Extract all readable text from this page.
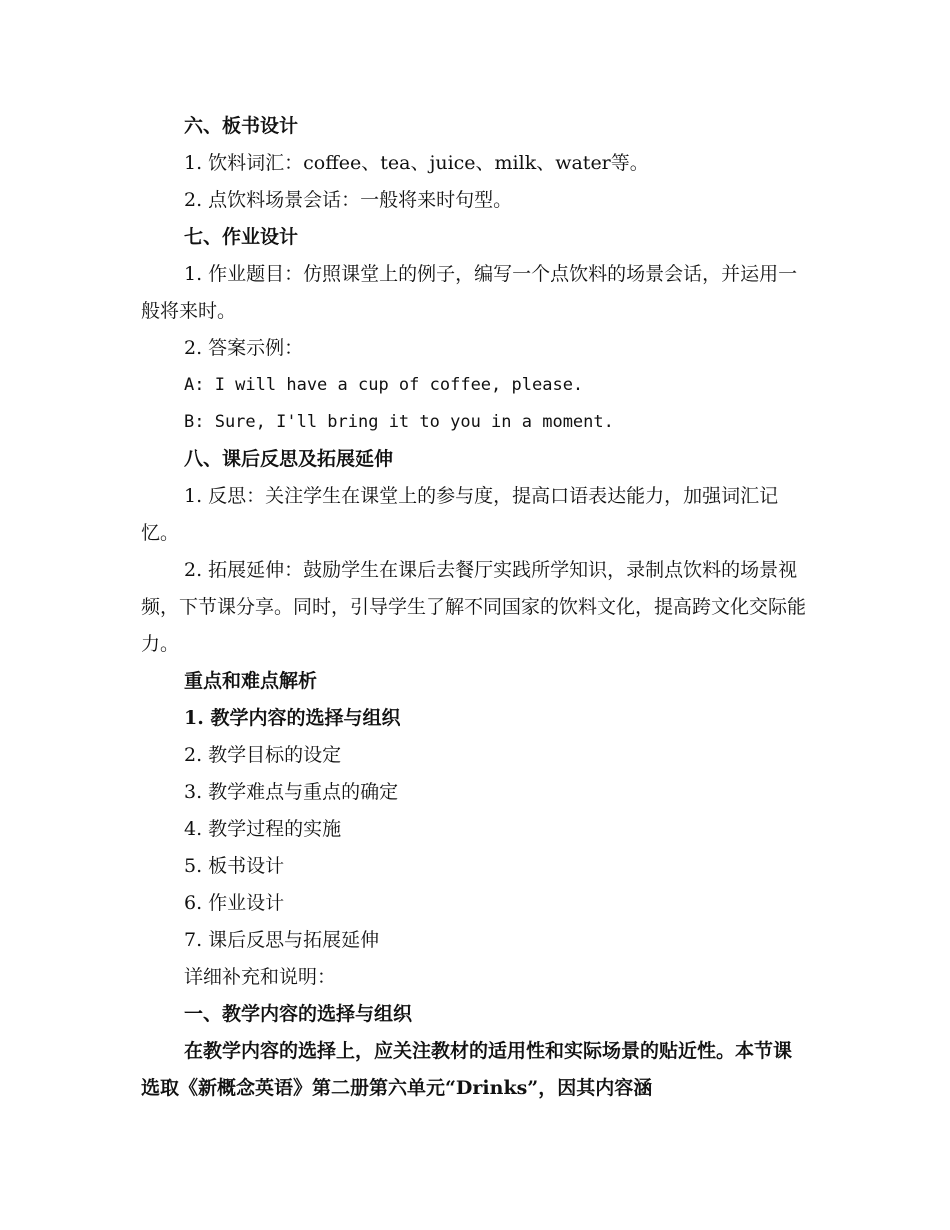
六、板书设计
1. 饮料词汇：coffee、tea、juice、milk、water等。
2. 点饮料场景会话：一般将来时句型。
七、作业设计
1. 作业题目：仿照课堂上的例子，编写一个点饮料的场景会话，并运用一般将来时。
2. 答案示例：
A: I will have a cup of coffee, please.
B: Sure, I'll bring it to you in a moment.
八、课后反思及拓展延伸
1. 反思：关注学生在课堂上的参与度，提高口语表达能力，加强词汇记忆。
2. 拓展延伸：鼓励学生在课后去餐厅实践所学知识，录制点饮料的场景视频，下节课分享。同时，引导学生了解不同国家的饮料文化，提高跨文化交际能力。
重点和难点解析
1. 教学内容的选择与组织
2. 教学目标的设定
3. 教学难点与重点的确定
4. 教学过程的实施
5. 板书设计
6. 作业设计
7. 课后反思与拓展延伸
详细补充和说明：
一、教学内容的选择与组织
在教学内容的选择上，应关注教材的适用性和实际场景的贴近性。本节课选取《新概念英语》第二册第六单元“Drinks”，因其内容涵
